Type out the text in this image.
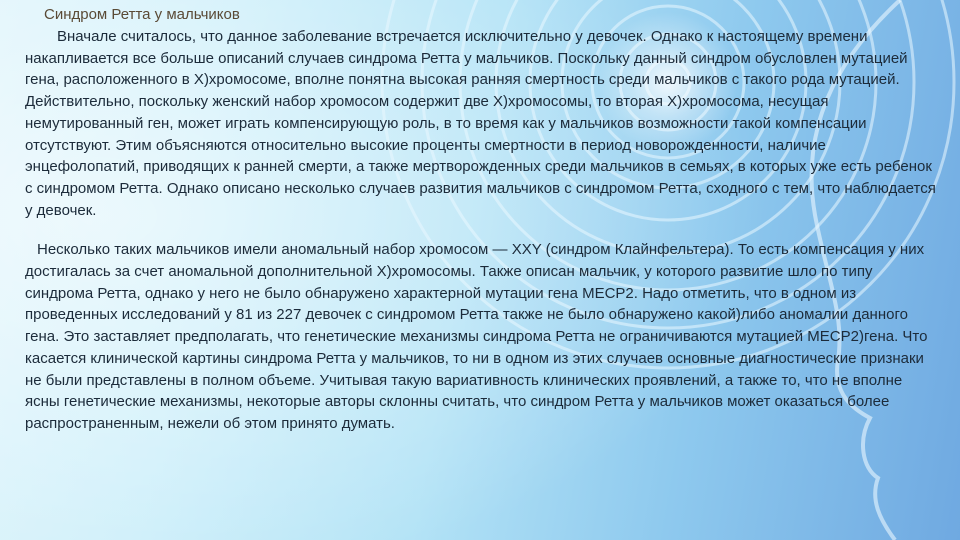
Синдром Ретта у мальчиков

Вначале считалось, что данное заболевание встречается исключительно у девочек. Однако к настоящему времени накапливается все больше описаний случаев синдрома Ретта у мальчиков. Поскольку данный синдром обусловлен мутацией гена, расположенного в X)хромосоме, вполне понятна высокая ранняя смертность среди мальчиков с такого рода мутацией. Действительно, поскольку женский набор хромосом содержит две X)хромосомы, то вторая X)хромосома, несущая немутированный ген, может играть компенсирующую роль, в то время как у мальчиков возможности такой компенсации отсутствуют. Этим объясняются относительно высокие проценты смертности в период новорожденности, наличие энцефолопатий, приводящих к ранней смерти, а также мертворожденных среди мальчиков в семьях, в которых уже есть ребенок с синдромом Ретта. Однако описано несколько случаев развития мальчиков с синдромом Ретта, сходного с тем, что наблюдается у девочек.

Несколько таких мальчиков имели аномальный набор хромосом — XXY (синдром Клайнфельтера). То есть компенсация у них достигалась за счет аномальной дополнительной X)хромосомы. Также описан мальчик, у которого развитие шло по типу синдрома Ретта, однако у него не было обнаружено характерной мутации гена MECP2. Надо отметить, что в одном из проведенных исследований у 81 из 227 девочек с синдромом Ретта также не было обнаружено какой)либо аномалии данного гена. Это заставляет предполагать, что генетические механизмы синдрома Ретта не ограничиваются мутацией MECP2)гена. Что касается клинической картины синдрома Ретта у мальчиков, то ни в одном из этих случаев основные диагностические признаки не были представлены в полном объеме. Учитывая такую вариативность клинических проявлений, а также то, что не вполне ясны генетические механизмы, некоторые авторы склонны считать, что синдром Ретта у мальчиков может оказаться более распространенным, нежели об этом принято думать.
